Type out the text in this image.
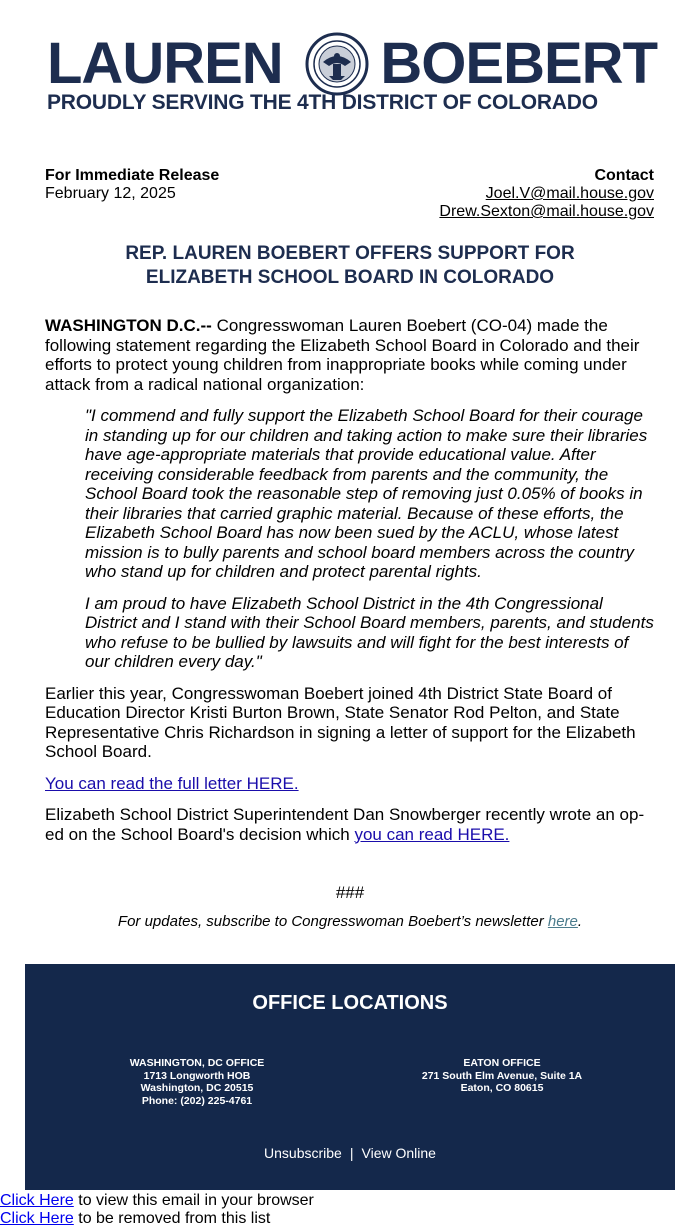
LAUREN BOEBERT
PROUDLY SERVING THE 4TH DISTRICT OF COLORADO
For Immediate Release
February 12, 2025
Contact
Joel.V@mail.house.gov
Drew.Sexton@mail.house.gov
REP. LAUREN BOEBERT OFFERS SUPPORT FOR
ELIZABETH SCHOOL BOARD IN COLORADO

WASHINGTON D.C.-- Congresswoman Lauren Boebert (CO-04) made the following statement regarding the Elizabeth School Board in Colorado and their efforts to protect young children from inappropriate books while coming under attack from a radical national organization:

"I commend and fully support the Elizabeth School Board for their courage in standing up for our children and taking action to make sure their libraries have age-appropriate materials that provide educational value. After receiving considerable feedback from parents and the community, the School Board took the reasonable step of removing just 0.05% of books in their libraries that carried graphic material. Because of these efforts, the Elizabeth School Board has now been sued by the ACLU, whose latest mission is to bully parents and school board members across the country who stand up for children and protect parental rights.

I am proud to have Elizabeth School District in the 4th Congressional District and I stand with their School Board members, parents, and students who refuse to be bullied by lawsuits and will fight for the best interests of our children every day."

Earlier this year, Congresswoman Boebert joined 4th District State Board of Education Director Kristi Burton Brown, State Senator Rod Pelton, and State Representative Chris Richardson in signing a letter of support for the Elizabeth School Board.

You can read the full letter HERE.

Elizabeth School District Superintendent Dan Snowberger recently wrote an op-ed on the School Board's decision which you can read HERE.

###
For updates, subscribe to Congresswoman Boebert’s newsletter here.
OFFICE LOCATIONS
WASHINGTON, DC OFFICE
1713 Longworth HOB
Washington, DC 20515
Phone: (202) 225-4761
EATON OFFICE
271 South Elm Avenue, Suite 1A
Eaton, CO 80615
Unsubscribe | View Online
Click Here to view this email in your browser
Click Here to be removed from this list
